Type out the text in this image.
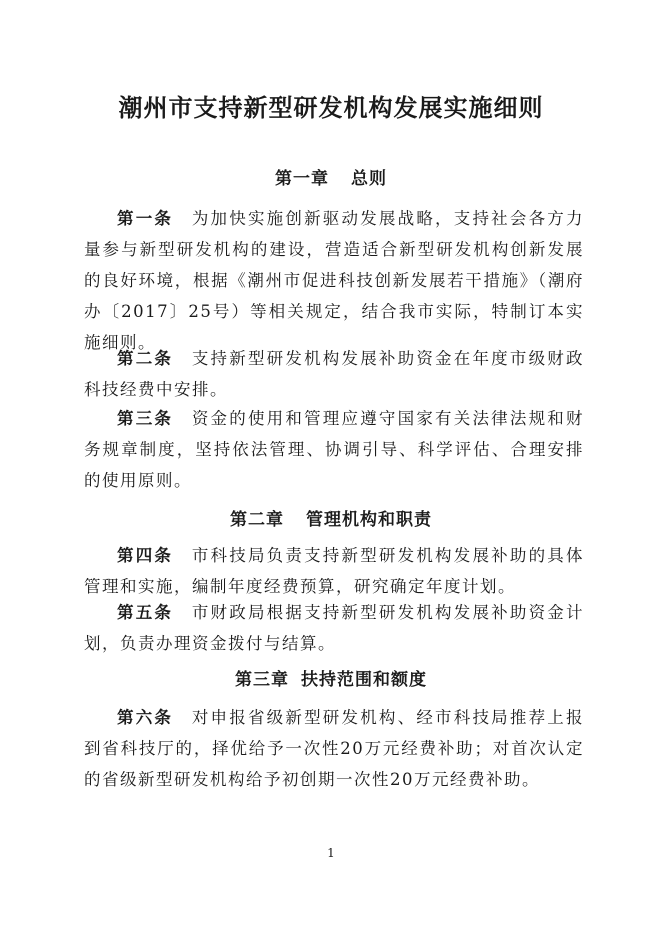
潮州市支持新型研发机构发展实施细则
第一章 总则

第一条 为加快实施创新驱动发展战略，支持社会各方力量参与新型研发机构的建设，营造适合新型研发机构创新发展的良好环境，根据《潮州市促进科技创新发展若干措施》（潮府办〔2017〕25号）等相关规定，结合我市实际，特制订本实施细则。

第二条 支持新型研发机构发展补助资金在年度市级财政科技经费中安排。

第三条 资金的使用和管理应遵守国家有关法律法规和财务规章制度，坚持依法管理、协调引导、科学评估、合理安排的使用原则。

第二章 管理机构和职责

第四条 市科技局负责支持新型研发机构发展补助的具体管理和实施，编制年度经费预算，研究确定年度计划。

第五条 市财政局根据支持新型研发机构发展补助资金计划，负责办理资金拨付与结算。

第三章 扶持范围和额度

第六条 对申报省级新型研发机构、经市科技局推荐上报到省科技厅的，择优给予一次性20万元经费补助；对首次认定的省级新型研发机构给予初创期一次性20万元经费补助。

1
